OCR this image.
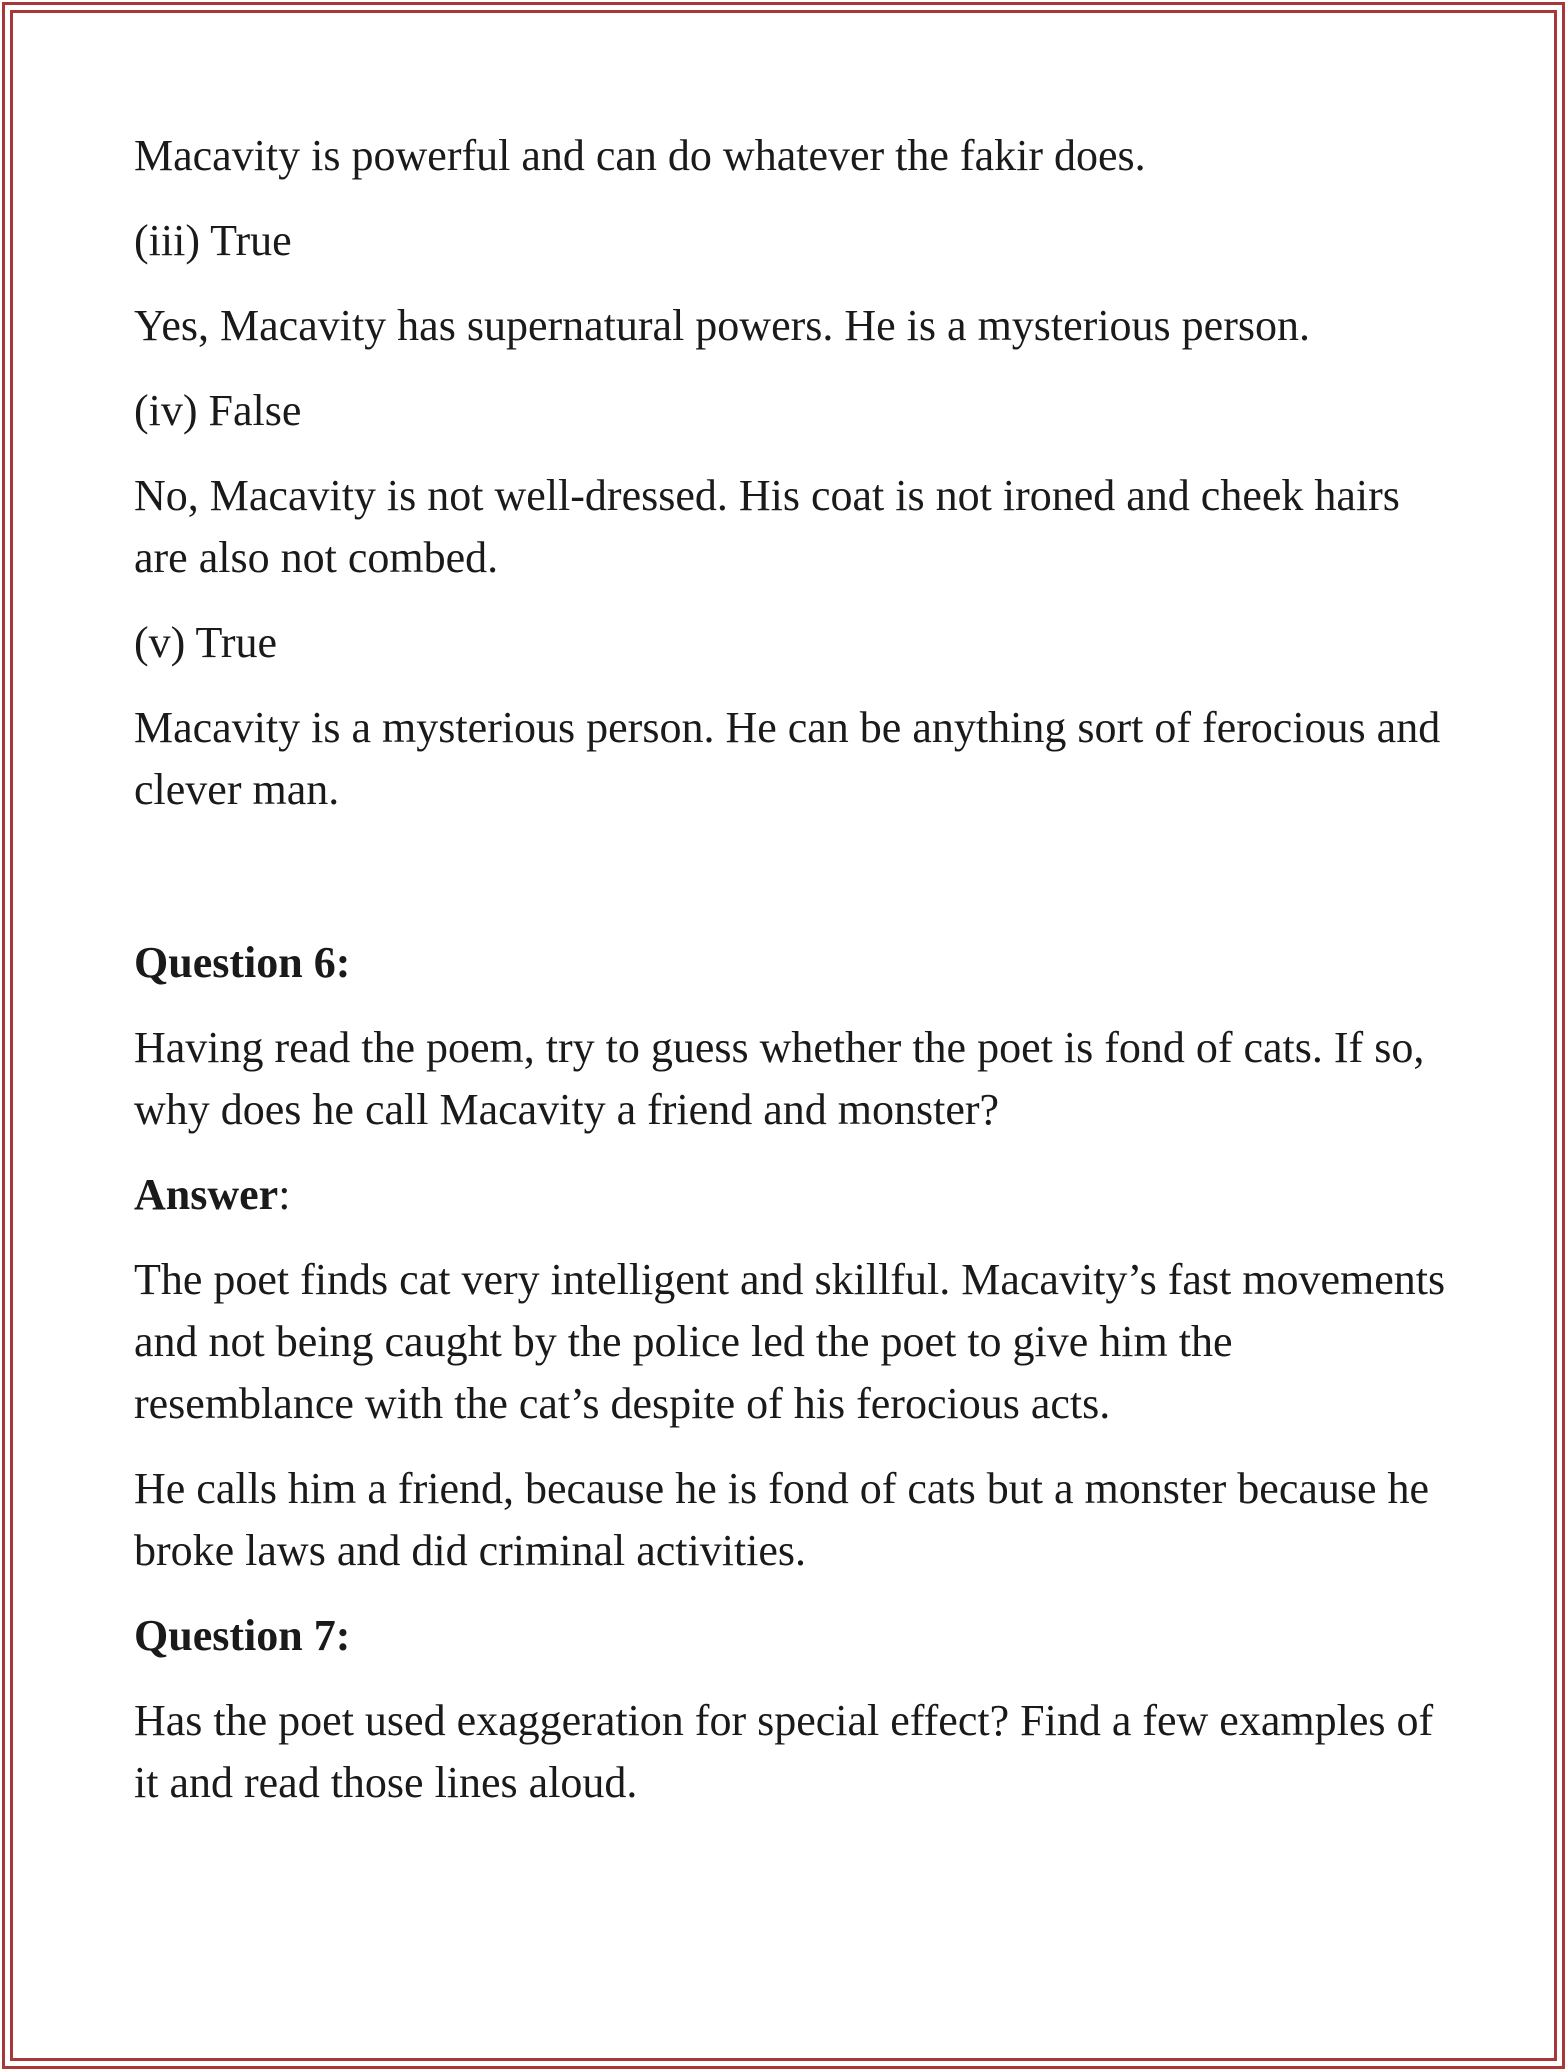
Macavity is powerful and can do whatever the fakir does.

(iii) True

Yes, Macavity has supernatural powers. He is a mysterious person.

(iv) False

No, Macavity is not well-dressed. His coat is not ironed and cheek hairs are also not combed.

(v) True

Macavity is a mysterious person. He can be anything sort of ferocious and clever man.

Question 6:

Having read the poem, try to guess whether the poet is fond of cats. If so, why does he call Macavity a friend and monster?

Answer:

The poet finds cat very intelligent and skillful. Macavity’s fast movements and not being caught by the police led the poet to give him the resemblance with the cat’s despite of his ferocious acts.

He calls him a friend, because he is fond of cats but a monster because he broke laws and did criminal activities.

Question 7:

Has the poet used exaggeration for special effect? Find a few examples of it and read those lines aloud.
